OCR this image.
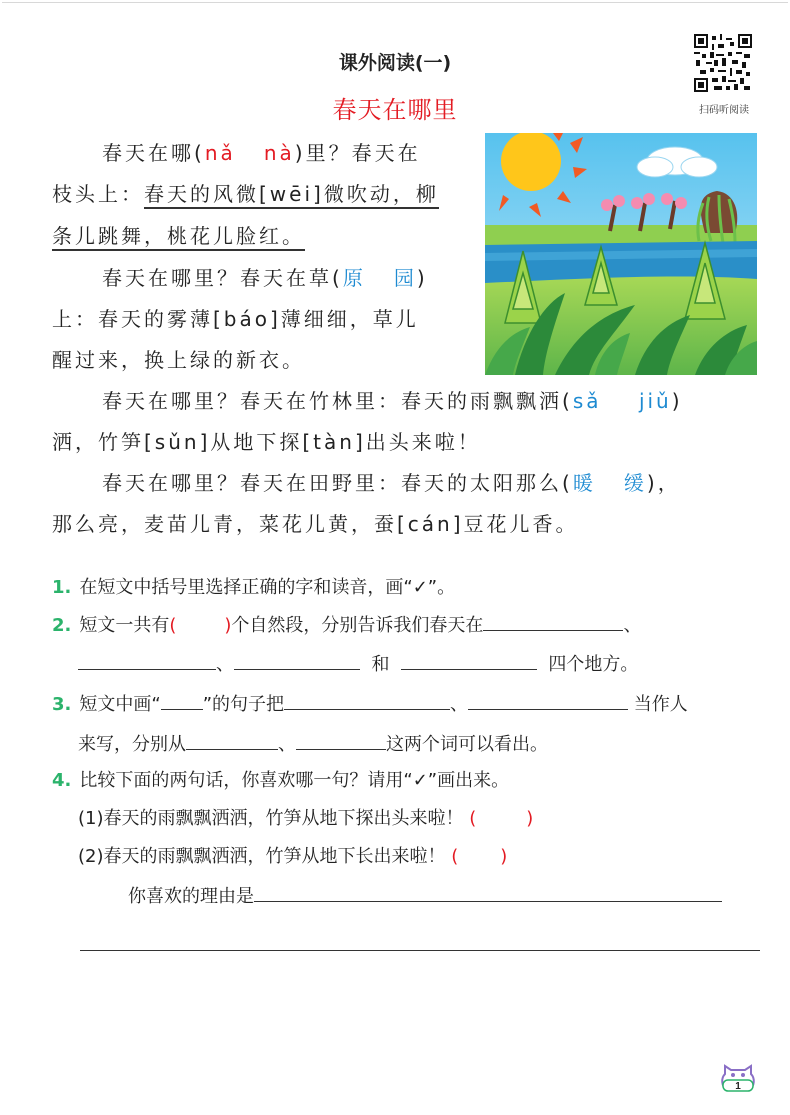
课外阅读(一)
春天在哪里	扫码听阅读
春天在哪(nǎ nà)里？春天在
枝头上：春天的风微[wēi]微吹动，柳
条儿跳舞，桃花儿脸红。
春天在哪里？春天在草(原 园)
上：春天的雾薄[báo]薄细细，草儿
醒过来，换上绿的新衣。
春天在哪里？春天在竹林里：春天的雨飘飘洒(sǎ jiǔ)
洒，竹笋[sǔn]从地下探[tàn]出头来啦！
春天在哪里？春天在田野里：春天的太阳那么(暖 缓)，
那么亮，麦苗儿青，菜花儿黄，蚕[cán]豆花儿香。
1. 在短文中括号里选择正确的字和读音，画“✓”。
2. 短文一共有(	)个自然段，分别告诉我们春天在	、
、	和	四个地方。
3. 短文中画“ ”的句子把	、	当作人
来写，分别从	、	这两个词可以看出。
4. 比较下面的两句话，你喜欢哪一句？请用“✓”画出来。
(1)春天的雨飘飘洒洒，竹笋从地下探出头来啦！ (	)
(2)春天的雨飘飘洒洒，竹笋从地下长出来啦！ ( )
你喜欢的理由是
1
